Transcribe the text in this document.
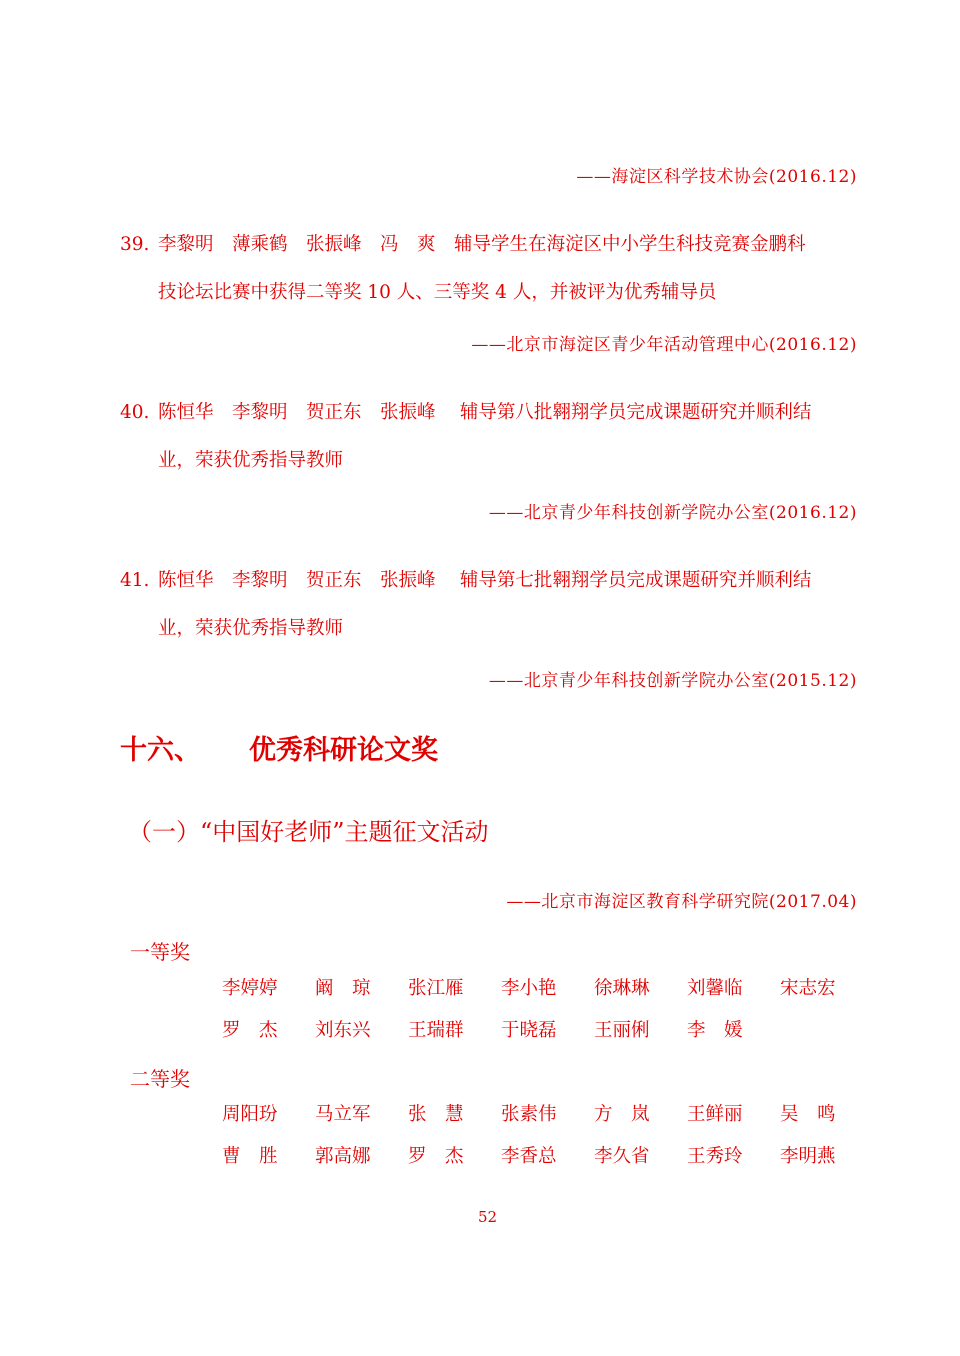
——海淀区科学技术协会(2016.12)
39. 李黎明　薄乘鹤　张振峰　冯　爽　辅导学生在海淀区中小学生科技竞赛金鹏科
技论坛比赛中获得二等奖 10 人、三等奖 4 人，并被评为优秀辅导员
——北京市海淀区青少年活动管理中心(2016.12)
40. 陈恒华　李黎明　贺正东　张振峰　 辅导第八批翱翔学员完成课题研究并顺利结
业，荣获优秀指导教师
——北京青少年科技创新学院办公室(2016.12)
41. 陈恒华　李黎明　贺正东　张振峰　 辅导第七批翱翔学员完成课题研究并顺利结
业，荣获优秀指导教师
——北京青少年科技创新学院办公室(2015.12)
十六、 优秀科研论文奖
（一）“中国好老师”主题征文活动
——北京市海淀区教育科学研究院(2017.04)
一等奖
李婷婷 阚　琼 张江雁 李小艳 徐琳琳 刘馨临 宋志宏
罗　杰 刘东兴 王瑞群 于晓磊 王丽俐 李　媛
二等奖
周阳玢 马立军 张　慧 张素伟 方　岚 王鲜丽 吴　鸣
曹　胜 郭高娜 罗　杰 李香总 李久省 王秀玲 李明燕
52
